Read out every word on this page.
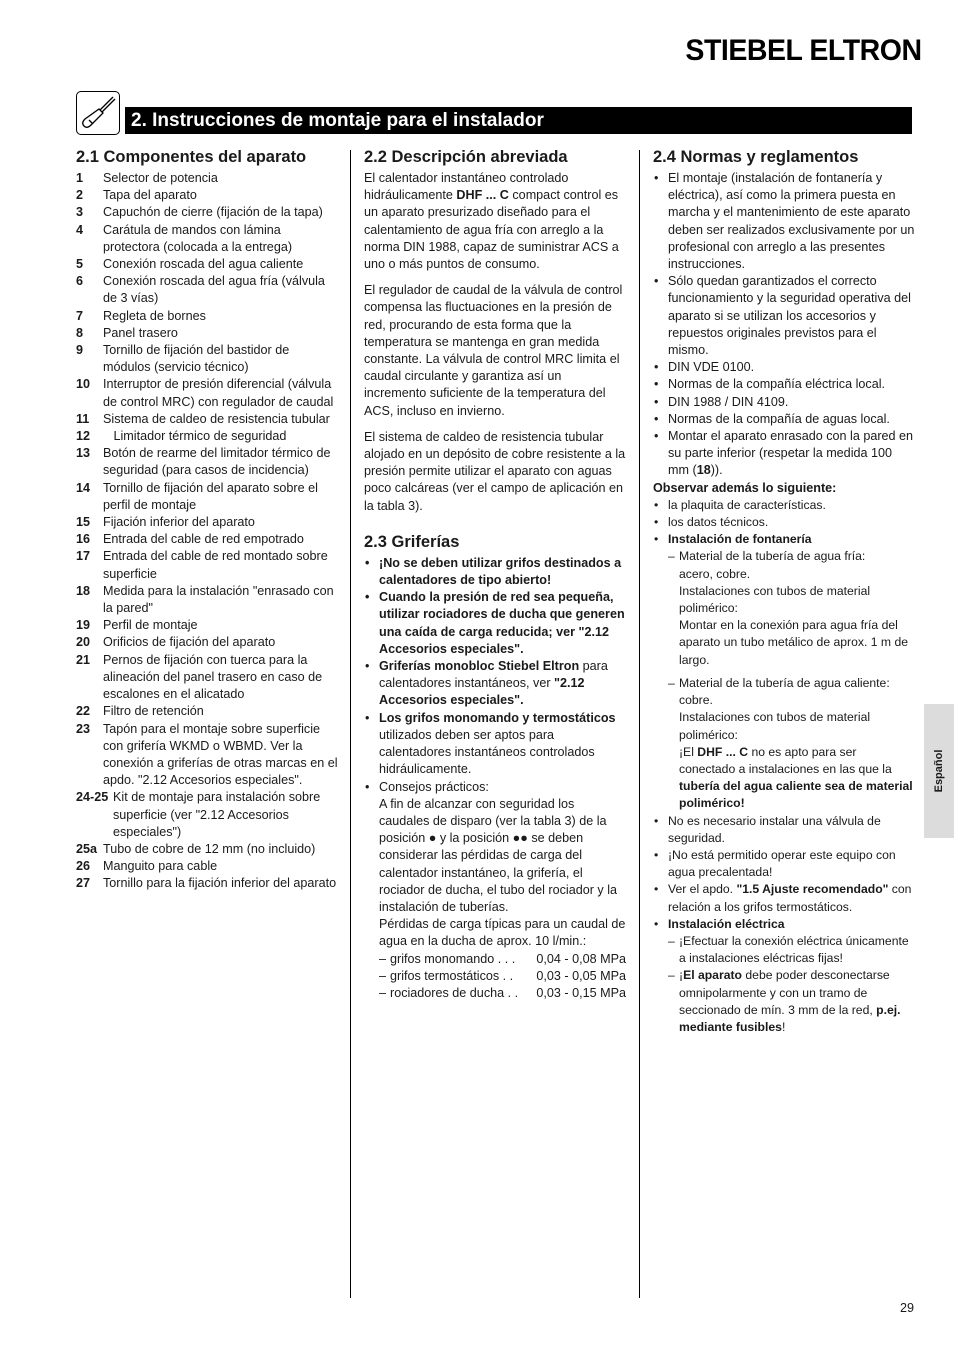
STIEBEL ELTRON
2. Instrucciones de montaje para el instalador
2.1 Componentes del aparato
1	Selector de potencia
2	Tapa del aparato
3	Capuchón de cierre (fijación de la tapa)
4	Carátula de mandos con lámina protectora (colocada a la entrega)
5	Conexión roscada del agua caliente
6	Conexión roscada del agua fría (válvula de 3 vías)
7	Regleta de bornes
8	Panel trasero
9	Tornillo de fijación del bastidor de módulos (servicio técnico)
10	Interruptor de presión diferencial (válvula de control MRC) con regulador de caudal
11	Sistema de caldeo de resistencia tubular
12	Limitador térmico de seguridad
13	Botón de rearme del limitador térmico de seguridad (para casos de incidencia)
14	Tornillo de fijación del aparato sobre el perfil de montaje
15	Fijación inferior del aparato
16	Entrada del cable de red empotrado
17	Entrada del cable de red montado sobre superficie
18	Medida para la instalación "enrasado con la pared"
19	Perfil de montaje
20	Orificios de fijación del aparato
21	Pernos de fijación con tuerca para la alineación del panel trasero en caso de escalones en el alicatado
22	Filtro de retención
23	Tapón para el montaje sobre superficie con grifería WKMD o WBMD. Ver la conexión a griferías de otras marcas en el apdo. "2.12 Accesorios especiales".
24-25 Kit de montaje para instalación sobre superficie (ver "2.12 Accesorios especiales")
25a Tubo de cobre de 12 mm (no incluido)
26	Manguito para cable
27	Tornillo para la fijación inferior del aparato
2.2 Descripción abreviada

El calentador instantáneo controlado hidráulicamente DHF ... C compact control es un aparato presurizado diseñado para el calentamiento de agua fría con arreglo a la norma DIN 1988, capaz de suministrar ACS a uno o más puntos de consumo.

El regulador de caudal de la válvula de control compensa las fluctuaciones en la presión de red, procurando de esta forma que la temperatura se mantenga en gran medida constante. La válvula de control MRC limita el caudal circulante y garantiza así un incremento suficiente de la temperatura del ACS, incluso en invierno.

El sistema de caldeo de resistencia tubular alojado en un depósito de cobre resistente a la presión permite utilizar el aparato con aguas poco calcáreas (ver el campo de aplicación en la tabla 3).

2.3 Griferías
• ¡No se deben utilizar grifos destinados a calentadores de tipo abierto!
• Cuando la presión de red sea pequeña, utilizar rociadores de ducha que generen una caída de carga reducida; ver "2.12 Accesorios especiales".
• Griferías monobloc Stiebel Eltron para calentadores instantáneos, ver "2.12 Accesorios especiales".
• Los grifos monomando y termostáticos utilizados deben ser aptos para calentadores instantáneos controlados hidráulicamente.
• Consejos prácticos:
A fin de alcanzar con seguridad los caudales de disparo (ver la tabla 3) de la posición ● y la posición ●● se deben considerar las pérdidas de carga del calentador instantáneo, la grifería, el rociador de ducha, el tubo del rociador y la instalación de tuberías.
Pérdidas de carga típicas para un caudal de agua en la ducha de aprox. 10 l/min.:
– grifos monomando . . .	0,04 - 0,08 MPa
– grifos termostáticos . .	0,03 - 0,05 MPa
– rociadores de ducha . .	0,03 - 0,15 MPa
2.4 Normas y reglamentos
• El montaje (instalación de fontanería y eléctrica), así como la primera puesta en marcha y el mantenimiento de este aparato deben ser realizados exclusivamente por un profesional con arreglo a las presentes instrucciones.
• Sólo quedan garantizados el correcto funcionamiento y la seguridad operativa del aparato si se utilizan los accesorios y repuestos originales previstos para el mismo.
• DIN VDE 0100.
• Normas de la compañía eléctrica local.
• DIN 1988 / DIN 4109.
• Normas de la compañía de aguas local.
• Montar el aparato enrasado con la pared en su parte inferior (respetar la medida 100 mm (18)).
Observar además lo siguiente:
• la plaquita de características.
• los datos técnicos.
• Instalación de fontanería
– Material de la tubería de agua fría:
acero, cobre.
Instalaciones con tubos de material polimérico:
Montar en la conexión para agua fría del aparato un tubo metálico de aprox. 1 m de largo.
– Material de la tubería de agua caliente:
cobre.
Instalaciones con tubos de material polimérico:
¡El DHF ... C no es apto para ser conectado a instalaciones en las que la tubería del agua caliente sea de material polimérico!
• No es necesario instalar una válvula de seguridad.
• ¡No está permitido operar este equipo con agua precalentada!
• Ver el apdo. "1.5 Ajuste recomendado" con relación a los grifos termostáticos.
• Instalación eléctrica
– ¡Efectuar la conexión eléctrica únicamente a instalaciones eléctricas fijas!
– ¡El aparato debe poder desconectarse omnipolarmente y con un tramo de seccionado de mín. 3 mm de la red, p.ej. mediante fusibles!
Español
29
